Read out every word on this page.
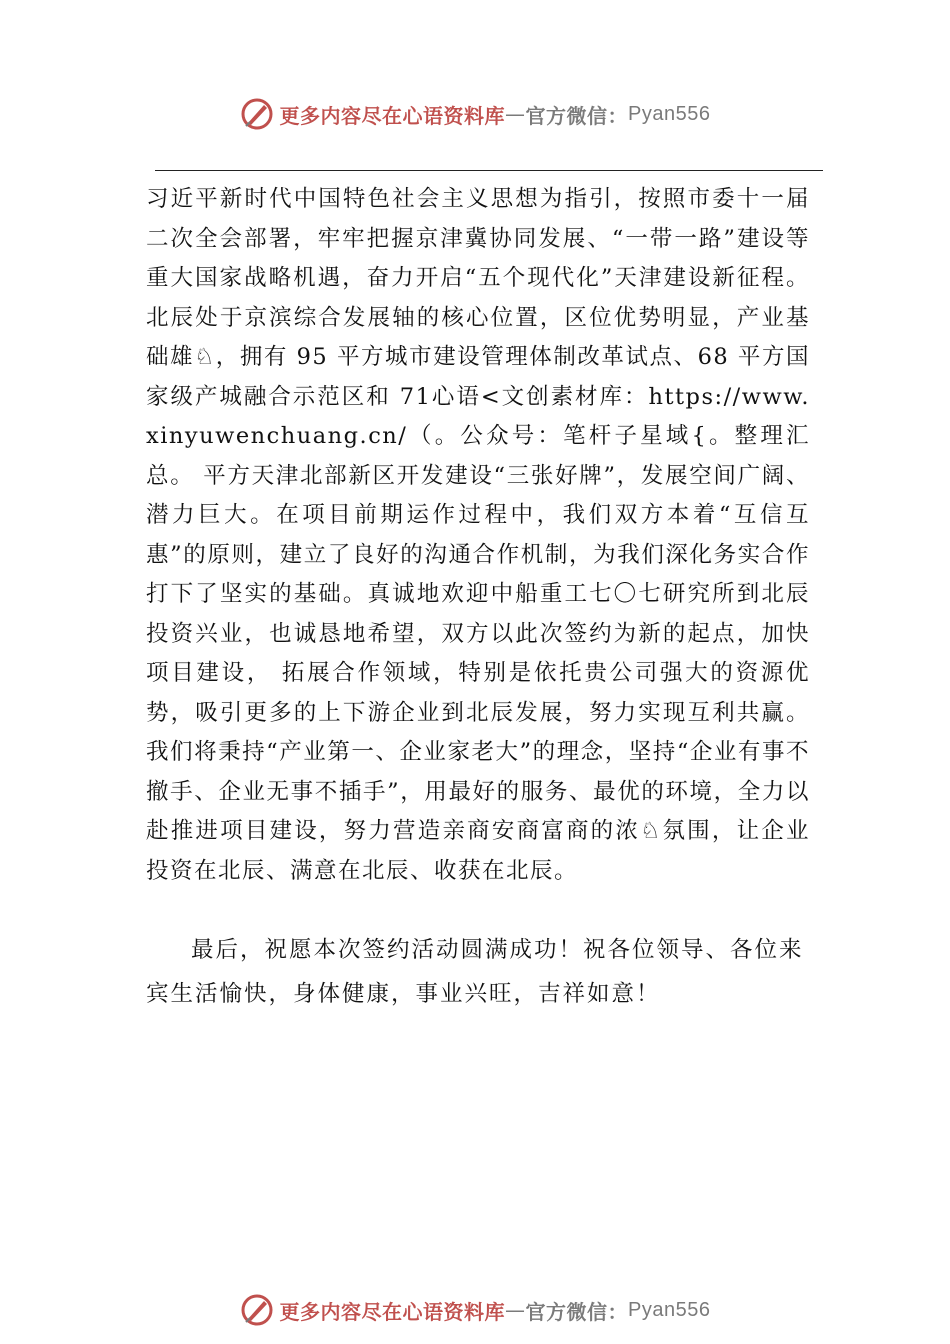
更多内容尽在心语资料库 — 官方微信： Pyan556

习近平新时代中国特色社会主义思想为指引，按照市委十一届二次全会部署，牢牢把握京津冀协同发展、“一带一路”建设等重大国家战略机遇，奋力开启“五个现代化”天津建设新征程。北辰处于京滨综合发展轴的核心位置，区位优势明显，产业基础雄♘，拥有 95 平方城市建设管理体制改革试点、68 平方国家级产城融合示范区和 71心语<文创素材库：https://www.xinyuwenchuang.cn/（。公众号：笔杆子星域{。整理汇总。 平方天津北部新区开发建设“三张好牌”，发展空间广阔、潜力巨大。在项目前期运作过程中，我们双方本着“互信互惠”的原则，建立了良好的沟通合作机制，为我们深化务实合作打下了坚实的基础。真诚地欢迎中船重工七〇七研究所到北辰投资兴业，也诚恳地希望，双方以此次签约为新的起点，加快项目建设， 拓展合作领域，特别是依托贵公司强大的资源优势，吸引更多的上下游企业到北辰发展，努力实现互利共赢。我们将秉持“产业第一、企业家老大”的理念，坚持“企业有事不撤手、企业无事不插手”，用最好的服务、最优的环境，全力以赴推进项目建设，努力营造亲商安商富商的浓♘氛围，让企业投资在北辰、满意在北辰、收获在北辰。

最后，祝愿本次签约活动圆满成功！祝各位领导、各位来宾生活愉快，身体健康，事业兴旺，吉祥如意！

更多内容尽在心语资料库 — 官方微信： Pyan556
